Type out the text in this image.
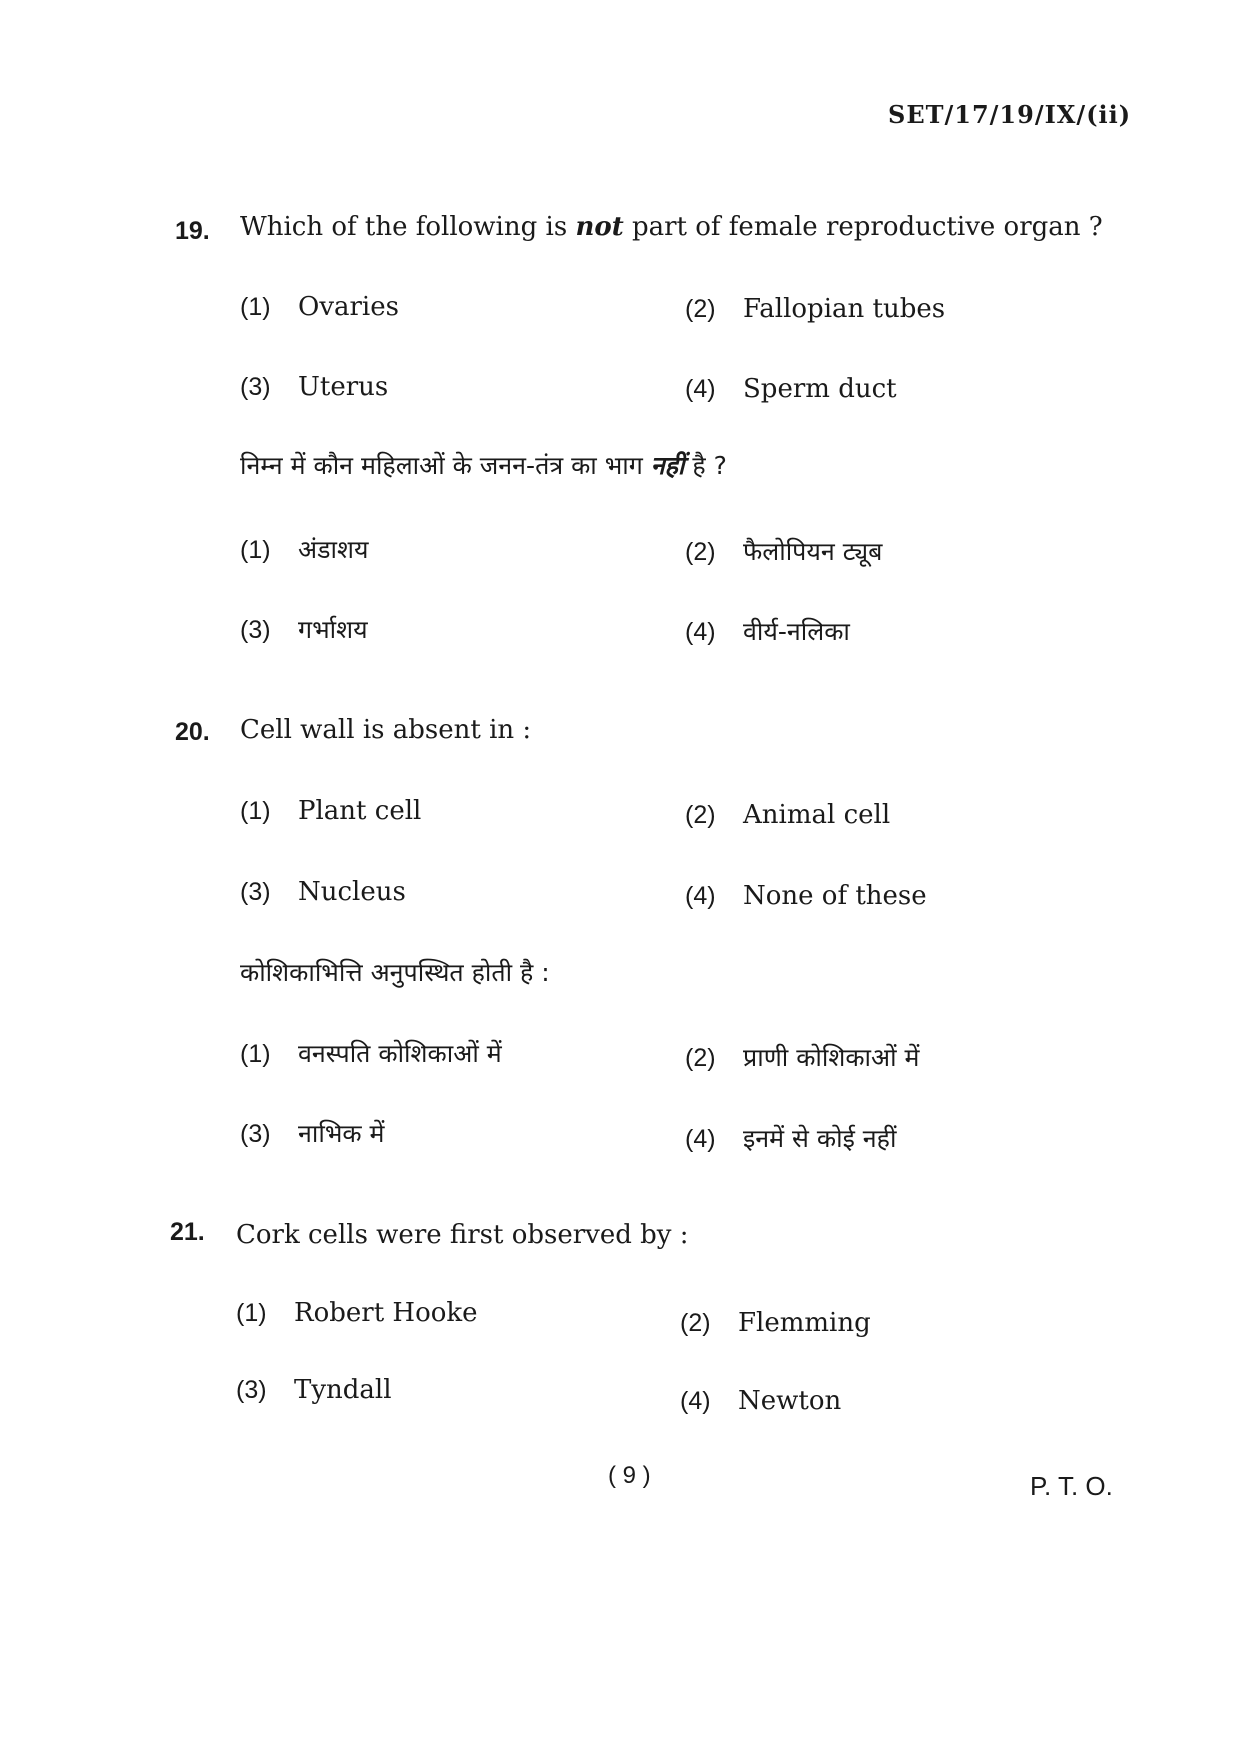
SET/17/19/IX/(ii)
19. Which of the following is not part of female reproductive organ ?
(1)	Ovaries	(2)	Fallopian tubes
(3)	Uterus	(4)	Sperm duct
निम्न में कौन महिलाओं के जनन-तंत्र का भाग नहीं है ?
(1)	अंडाशय	(2)	फैलोपियन ट्यूब
(3)	गर्भाशय	(4)	वीर्य-नलिका
20. Cell wall is absent in :
(1)	Plant cell	(2)	Animal cell
(3)	Nucleus	(4)	None of these
कोशिकाभित्ति अनुपस्थित होती है :
(1)	वनस्पति कोशिकाओं में	(2)	प्राणी कोशिकाओं में
(3)	नाभिक में	(4)	इनमें से कोई नहीं
21. Cork cells were first observed by :
(1)	Robert Hooke	(2)	Flemming
(3)	Tyndall	(4)	Newton
( 9 )	P. T. O.
